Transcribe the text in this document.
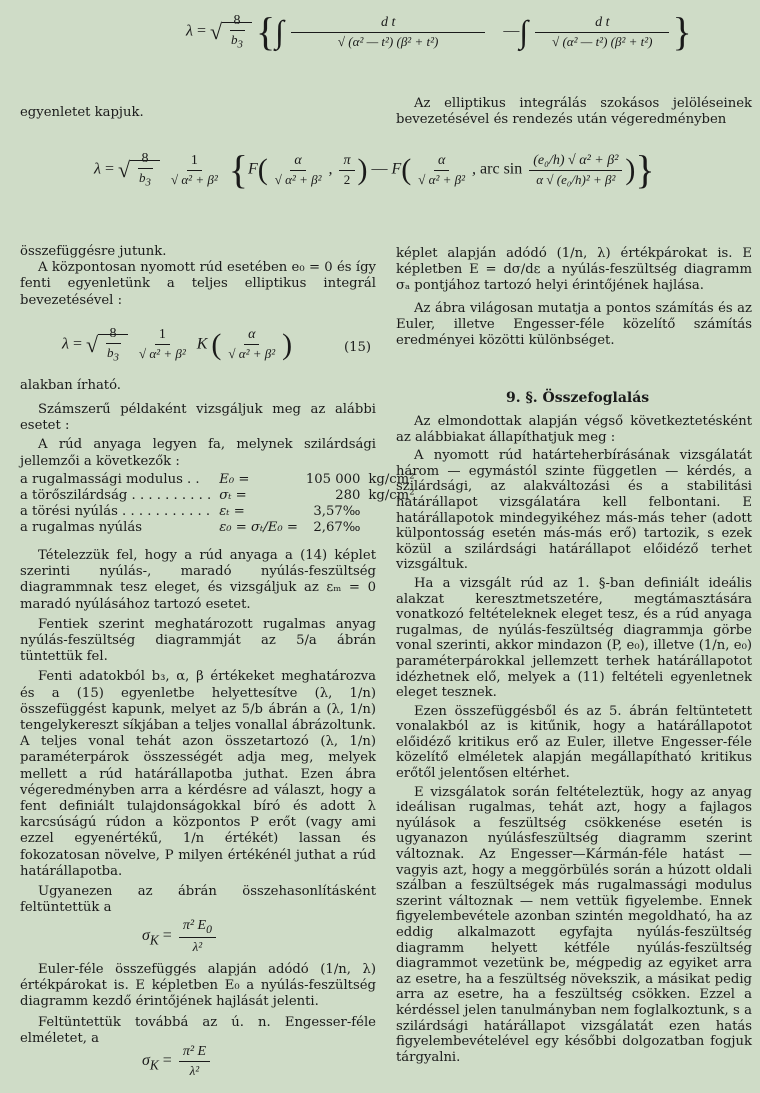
λ = √ $\frac{8}{b_3}$ {∫ $\frac{\text{d t}}{\text{√ (α² — t²) (β² + t²)}}$ —∫ $\frac{\text{d t}}{\text{√ (α² — t²) (β² + t²)}}$ }
egyenletet kapjuk.

Az elliptikus integrálás szokásos jelöléseinek bevezetésével és rendezés után végeredményben

λ = √ $\frac{8}{b_3}$
$\frac{1}{\text{√ α² + β²}} \{F( \frac{\alpha}{\text{√ α² + β²}}$ , $\frac{\pi}{2}$ ) — $F( \frac{\alpha}{\text{√ α² + β²}}$ , arc $\sin \frac{\text{(e₀/h) √ α² + β²}}{\text{α √ (e₀/h)² + β²}}$ )}

összefüggésre jutunk.

A központosan nyomott rúd esetében e₀ = 0 és így fenti egyenletünk a teljes elliptikus integrál bevezetésével :

λ = √ $\frac{8}{b_3}$
$\frac{1}{\text{√ α² + β²}}$ K ( $\frac{\alpha}{\text{√ α² + β²}}$ )	(15)
alakban írható.

Számszerű példaként vizsgáljuk meg az alábbi esetet :

A rúd anyaga legyen fa, melynek szilárdsági jellemzői a következők :

a rugalmassági modulus . .	E₀ =	105 000	kg/cm²
a törőszilárdság . . . . . . . . . .	σₜ =	280	kg/cm²
a törési nyúlás . . . . . . . . . . .	εₜ =	3,57‰	
a rugalmas nyúlás	ε₀ = σₜ/E₀ =	2,67‰	

Tételezzük fel, hogy a rúd anyaga a (14) képlet szerinti nyúlás-, maradó nyúlás-feszültség diagrammnak tesz eleget, és vizsgáljuk az εₘ = 0 maradó nyúlásához tartozó esetet.

Fentiek szerint meghatározott rugalmas anyag nyúlás-feszültség diagrammját az 5/a ábrán tüntettük fel.

Fenti adatokból b₃, α, β értékeket meghatározva és a (15) egyenletbe helyettesítve (λ, 1/n) összefüggést kapunk, melyet az 5/b ábrán a (λ, 1/n) tengelykereszt síkjában a teljes vonallal ábrázoltunk. A teljes vonal tehát azon összetartozó (λ, 1/n) paraméterpárok összességét adja meg, melyek mellett a rúd határállapotba juthat. Ezen ábra végeredményben arra a kérdésre ad választ, hogy a fent definiált tulajdonságokkal bíró és adott λ karcsúságú rúdon a központos P erőt (vagy ami ezzel egyenértékű, 1/n értékét) lassan és fokozatosan növelve, P milyen értékénél juthat a rúd határállapotba.

Ugyanezen az ábrán összehasonlításként feltüntettük a

$\sigma_K = \frac{\pi^2 E_0}{\text{λ²}}$

Euler-féle összefüggés alapján adódó (1/n, λ) értékpárokat is. E képletben E₀ a nyúlás-feszültség diagramm kezdő érintőjének hajlását jelenti.

Feltüntettük továbbá az ú. n. Engesser-féle elméletet, a

$\sigma_K = \frac{\text{π² E}}{\text{λ²}}$

képlet alapján adódó (1/n, λ) értékpárokat is. E képletben E = dσ/dε a nyúlás-feszültség diagramm σₐ pontjához tartozó helyi érintőjének hajlása.

Az ábra világosan mutatja a pontos számítás és az Euler, illetve Engesser-féle közelítő számítás eredményei közötti különbséget.

9. §. Összefoglalás

Az elmondottak alapján végső következtetésként az alábbiakat állapíthatjuk meg :

A nyomott rúd határteherbírásának vizsgálatát három — egymástól szinte független — kérdés, a szilárdsági, az alakváltozási és a stabilitási határállapot vizsgálatára kell felbontani. E határállapotok mindegyikéhez más-más teher (adott külpontosság esetén más-más erő) tartozik, s ezek közül a szilárdsági határállapot előidéző terhet vizsgáltuk.

Ha a vizsgált rúd az 1. §-ban definiált ideális alakzat keresztmetszetére, megtámasztására vonatkozó feltételeknek eleget tesz, és a rúd anyaga rugalmas, de nyúlás-feszültség diagrammja görbe vonal szerinti, akkor mindazon (P, e₀), illetve (1/n, e₀) paraméterpárokkal jellemzett terhek határállapotot idézhetnek elő, melyek a (11) feltételi egyenletnek eleget tesznek.

Ezen összefüggésből és az 5. ábrán feltüntetett vonalakból az is kitűnik, hogy a határállapotot előidéző kritikus erő az Euler, illetve Engesser-féle közelítő elméletek alapján megállapítható kritikus erőtől jelentősen eltérhet.

E vizsgálatok során feltételeztük, hogy az anyag ideálisan rugalmas, tehát azt, hogy a fajlagos nyúlások a feszültség csökkenése esetén is ugyanazon nyúlásfeszültség diagramm szerint változnak. Az Engesser—Kármán-féle hatást — vagyis azt, hogy a meggörbülés során a húzott oldali szálban a feszültségek más rugalmassági modulus szerint változnak — nem vettük figyelembe. Ennek figyelembevétele azonban szintén megoldható, ha az eddig alkalmazott egyfajta nyúlás-feszültség diagramm helyett kétféle nyúlás-feszültség diagrammot vezetünk be, mégpedig az egyiket arra az esetre, ha a feszültség növekszik, a másikat pedig arra az esetre, ha a feszültség csökken. Ezzel a kérdéssel jelen tanulmányban nem foglalkoztunk, s a szilárdsági határállapot vizsgálatát ezen hatás figyelembevételével egy későbbi dolgozatban fogjuk tárgyalni.
